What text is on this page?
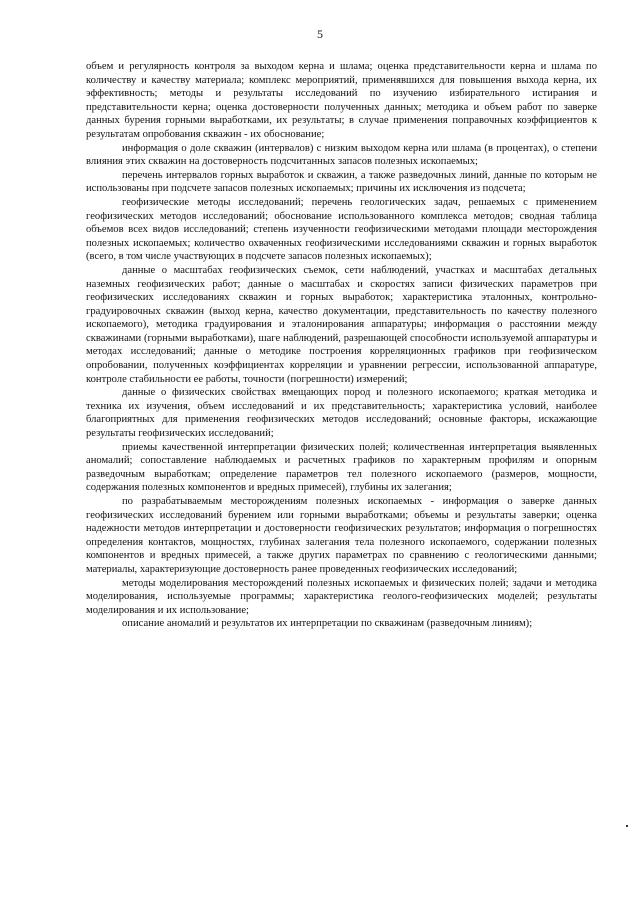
5

объем и регулярность контроля за выходом керна и шлама; оценка представительности керна и шлама по количеству и качеству материала; комплекс мероприятий, применявшихся для повышения выхода керна, их эффективность; методы и результаты исследований по изучению избирательного истирания и представительности керна; оценка достоверности полученных данных; методика и объем работ по заверке данных бурения горными выработками, их результаты; в случае применения поправочных коэффициентов к результатам опробования скважин - их обоснование;

информация о доле скважин (интервалов) с низким выходом керна или шлама (в процентах), о степени влияния этих скважин на достоверность подсчитанных запасов полезных ископаемых;

перечень интервалов горных выработок и скважин, а также разведочных линий, данные по которым не использованы при подсчете запасов полезных ископаемых; причины их исключения из подсчета;

геофизические методы исследований; перечень геологических задач, решаемых с применением геофизических методов исследований; обоснование использованного комплекса методов; сводная таблица объемов всех видов исследований; степень изученности геофизическими методами площади месторождения полезных ископаемых; количество охваченных геофизическими исследованиями скважин и горных выработок (всего, в том числе участвующих в подсчете запасов полезных ископаемых);

данные о масштабах геофизических съемок, сети наблюдений, участках и масштабах детальных наземных геофизических работ; данные о масштабах и скоростях записи физических параметров при геофизических исследованиях скважин и горных выработок; характеристика эталонных, контрольно-градуировочных скважин (выход керна, качество документации, представительность по качеству полезного ископаемого), методика градуирования и эталонирования аппаратуры; информация о расстоянии между скважинами (горными выработками), шаге наблюдений, разрешающей способности используемой аппаратуры и методах исследований; данные о методике построения корреляционных графиков при геофизическом опробовании, полученных коэффициентах корреляции и уравнении регрессии, использованной аппаратуре, контроле стабильности ее работы, точности (погрешности) измерений;

данные о физических свойствах вмещающих пород и полезного ископаемого; краткая методика и техника их изучения, объем исследований и их представительность; характеристика условий, наиболее благоприятных для применения геофизических методов исследований; основные факторы, искажающие результаты геофизических исследований;

приемы качественной интерпретации физических полей; количественная интерпретация выявленных аномалий; сопоставление наблюдаемых и расчетных графиков по характерным профилям и опорным разведочным выработкам; определение параметров тел полезного ископаемого (размеров, мощности, содержания полезных компонентов и вредных примесей), глубины их залегания;

по разрабатываемым месторождениям полезных ископаемых - информация о заверке данных геофизических исследований бурением или горными выработками; объемы и результаты заверки; оценка надежности методов интерпретации и достоверности геофизических результатов; информация о погрешностях определения контактов, мощностях, глубинах залегания тела полезного ископаемого, содержании полезных компонентов и вредных примесей, а также других параметрах по сравнению с геологическими данными; материалы, характеризующие достоверность ранее проведенных геофизических исследований;

методы моделирования месторождений полезных ископаемых и физических полей; задачи и методика моделирования, используемые программы; характеристика геолого-геофизических моделей; результаты моделирования и их использование;

описание аномалий и результатов их интерпретации по скважинам (разведочным линиям);
